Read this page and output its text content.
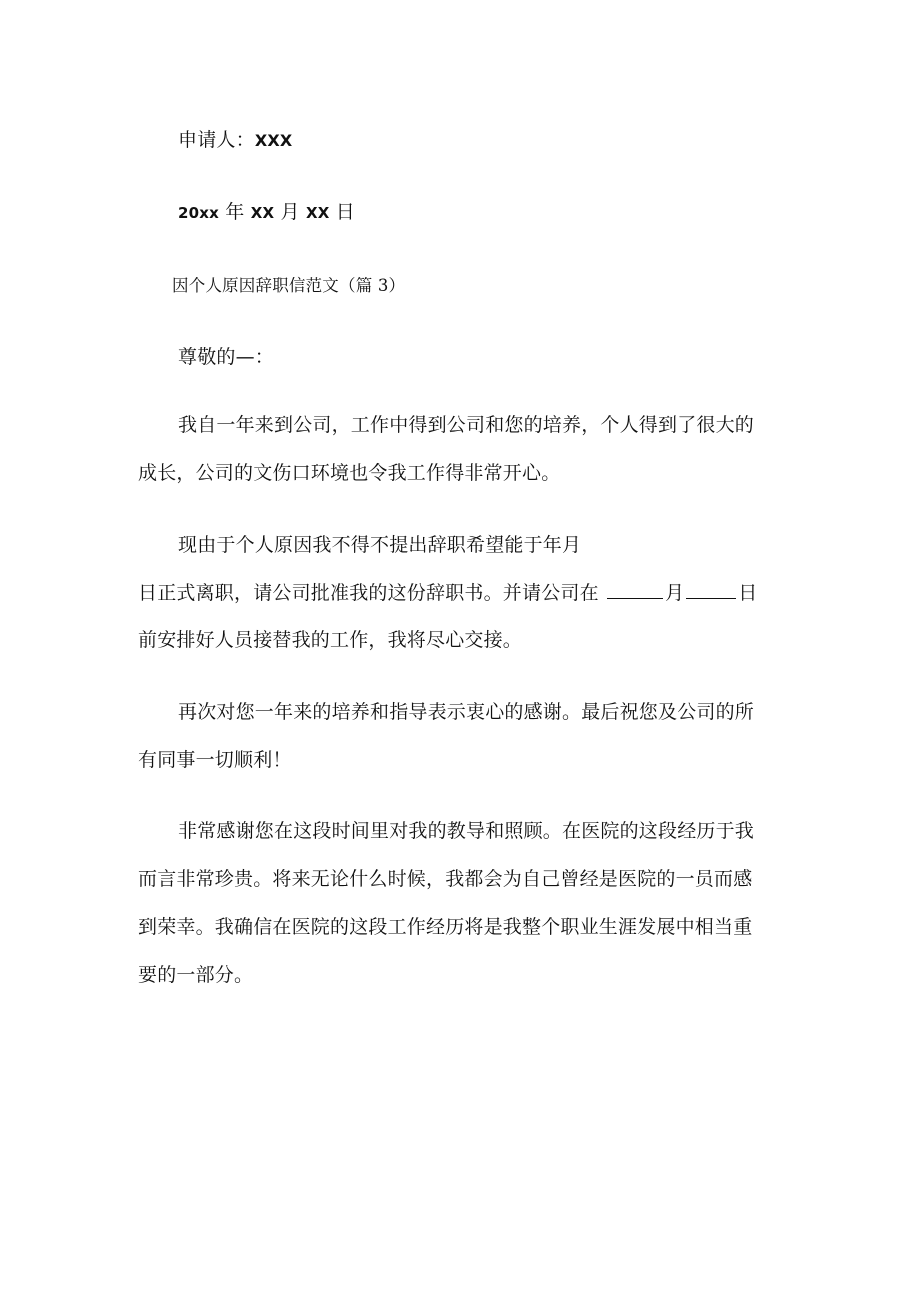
申请人：XXX
20xx 年 XX 月 XX 日
因个人原因辞职信范文（篇 3）
尊敬的—：
我自一年来到公司，工作中得到公司和您的培养，个人得到了很大的
成长，公司的文伤口环境也令我工作得非常开心。
现由于个人原因我不得不提出辞职希望能于年月
日正式离职，请公司批准我的这份辞职书。并请公司在	月	日
前安排好人员接替我的工作，我将尽心交接。
再次对您一年来的培养和指导表示衷心的感谢。最后祝您及公司的所
有同事一切顺利！
非常感谢您在这段时间里对我的教导和照顾。在医院的这段经历于我
而言非常珍贵。将来无论什么时候，我都会为自己曾经是医院的一员而感
到荣幸。我确信在医院的这段工作经历将是我整个职业生涯发展中相当重
要的一部分。
